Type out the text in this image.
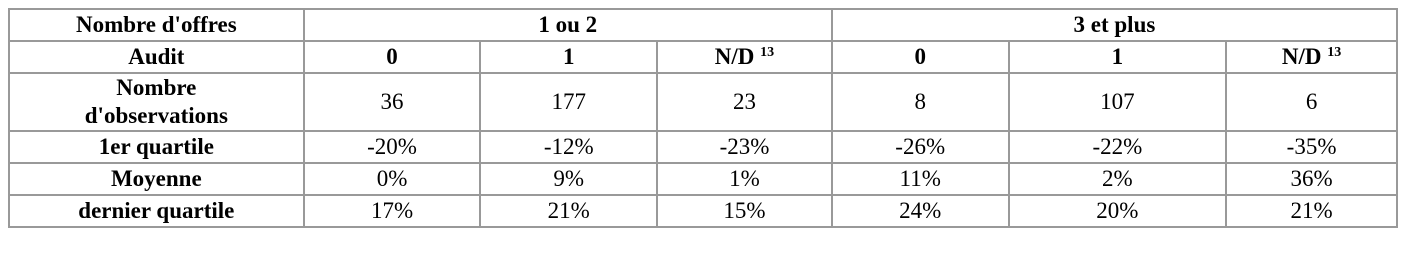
Nombre d'offres	1 ou 2			3 et plus		
Audit	0	1	N/D $^{13}$	0	1	N/D $^{13}$
Nombre
d'observations	36	177	23	8	107	6
1er quartile	-20%	-12%	-23%	-26%	-22%	-35%
Moyenne	0%	9%	1%	11%	2%	36%
dernier quartile	17%	21%	15%	24%	20%	21%
